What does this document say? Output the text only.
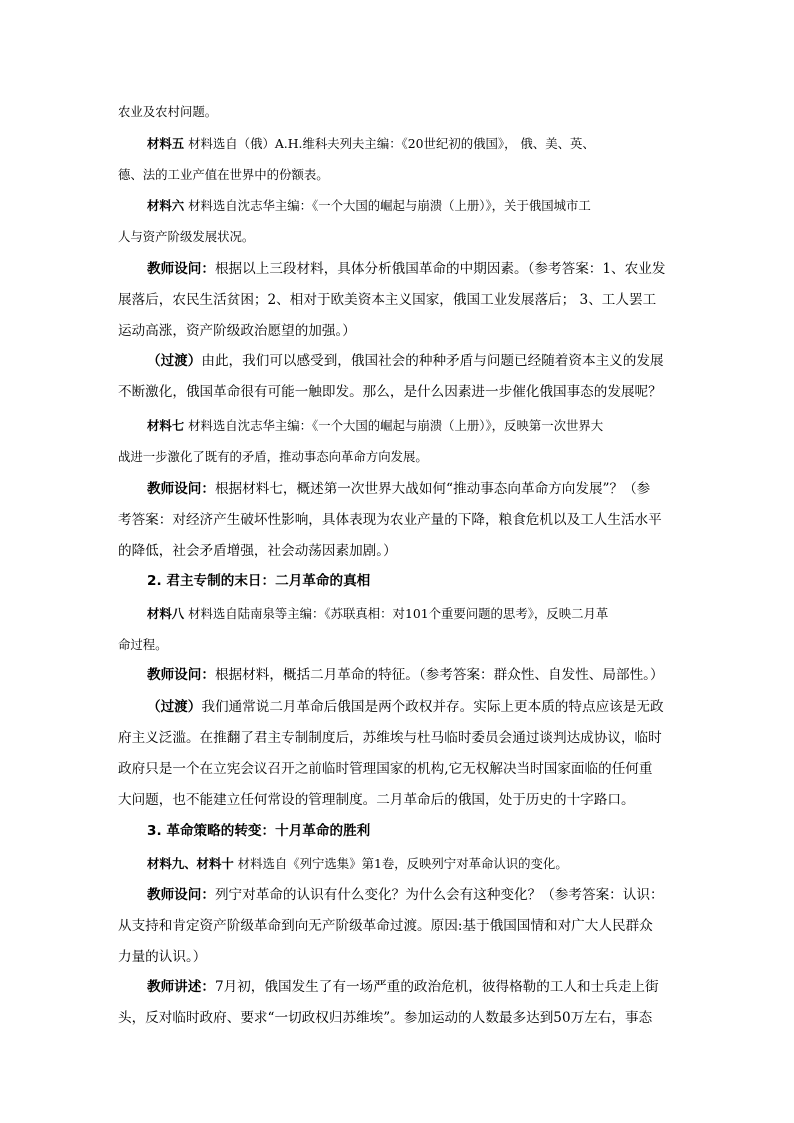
农业及农村问题。

材料五 材料选自（俄）A.H.维科夫列夫主编：《20世纪初的俄国》， 俄、美、英、
德、法的工业产值在世界中的份额表。

材料六 材料选自沈志华主编：《一个大国的崛起与崩溃（上册）》，关于俄国城市工
人与资产阶级发展状况。

教师设问：根据以上三段材料，具体分析俄国革命的中期因素。（参考答案：1、农业发
展落后，农民生活贫困；2、相对于欧美资本主义国家，俄国工业发展落后； 3、工人罢工
运动高涨，资产阶级政治愿望的加强。）

（过渡）由此，我们可以感受到，俄国社会的种种矛盾与问题已经随着资本主义的发展
不断激化，俄国革命很有可能一触即发。那么，是什么因素进一步催化俄国事态的发展呢？

材料七 材料选自沈志华主编：《一个大国的崛起与崩溃（上册）》，反映第一次世界大
战进一步激化了既有的矛盾，推动事态向革命方向发展。

教师设问：根据材料七，概述第一次世界大战如何“推动事态向革命方向发展”？（参
考答案：对经济产生破坏性影响，具体表现为农业产量的下降，粮食危机以及工人生活水平
的降低，社会矛盾增强，社会动荡因素加剧。）

2. 君主专制的末日：二月革命的真相

材料八 材料选自陆南泉等主编：《苏联真相：对101个重要问题的思考》，反映二月革
命过程。

教师设问：根据材料，概括二月革命的特征。（参考答案：群众性、自发性、局部性。）

（过渡）我们通常说二月革命后俄国是两个政权并存。实际上更本质的特点应该是无政
府主义泛滥。在推翻了君主专制制度后，苏维埃与杜马临时委员会通过谈判达成协议，临时
政府只是一个在立宪会议召开之前临时管理国家的机构,它无权解决当时国家面临的任何重
大问题，也不能建立任何常设的管理制度。二月革命后的俄国，处于历史的十字路口。

3. 革命策略的转变：十月革命的胜利

材料九、材料十 材料选自《列宁选集》第1卷，反映列宁对革命认识的变化。

教师设问：列宁对革命的认识有什么变化？为什么会有这种变化？（参考答案：认识：
从支持和肯定资产阶级革命到向无产阶级革命过渡。原因:基于俄国国情和对广大人民群众
力量的认识。）

教师讲述：7月初，俄国发生了有一场严重的政治危机，彼得格勒的工人和士兵走上街
头，反对临时政府、要求“一切政权归苏维埃”。参加运动的人数最多达到50万左右，事态
